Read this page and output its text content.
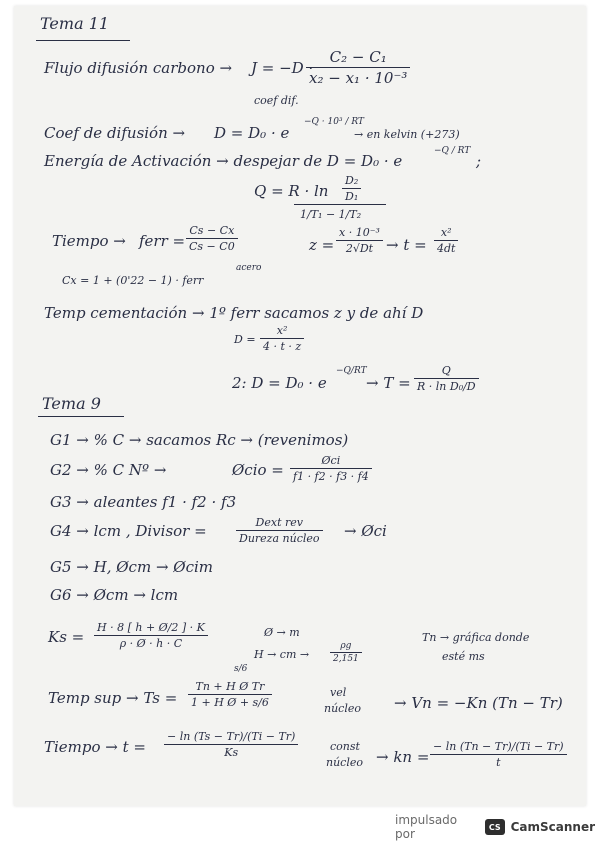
Tema 11
Flujo difusión carbono → J = −D ·
C₂ − C₁
x₂ − x₁ · 10⁻³
coef dif.
Coef de difusión → D = D₀ · e
−Q · 10³ / RT
→ en kelvin (+273)
Energía de Activación → despejar de D = D₀ · e
−Q / RT
;
Q = R · ln
D₂
D₁
1/T₁ − 1/T₂
Tiempo → ferr =
Cs − Cx
Cs − C0
acero
z =
x · 10⁻³
2√Dt → t =
x²
4dt
Cx = 1 + (0'22 − 1) · ferr
Temp cementación → 1º ferr sacamos z y de ahí D
D =
x²
4 · t · z
2: D = D₀ · e
−Q/RT
→ T =
Q
R · ln D₀/D
Tema 9
G1 → % C → sacamos Rc → (revenimos)
G2 → % C Nº →	Øcio =
Øci
f1 · f2 · f3 · f4
G3 → aleantes f1 · f2 · f3
G4 → lcm , Divisor =	Dext rev
Dureza núcleo → Øci
G5 → H, Øcm → Øcim
G6 → Øcm → lcm
Ks =
H · 8 [ h + Ø/2 ] · K
ρ · Ø · h · C
Ø → m
H → cm →
ρg
2,151
Tn → gráfica donde
esté ms
s/6
Temp sup → Ts =
Tn + H Ø Tr
1 + H Ø + s/6
vel
núcleo → Vn = −Kn (Tn − Tr)
Tiempo → t =
− ln (Ts − Tr)/(Ti − Tr)
Ks	const
núcleo → kn =
− ln (Tn − Tr)/(Ti − Tr)
t
impulsado por	CS CamScanner
